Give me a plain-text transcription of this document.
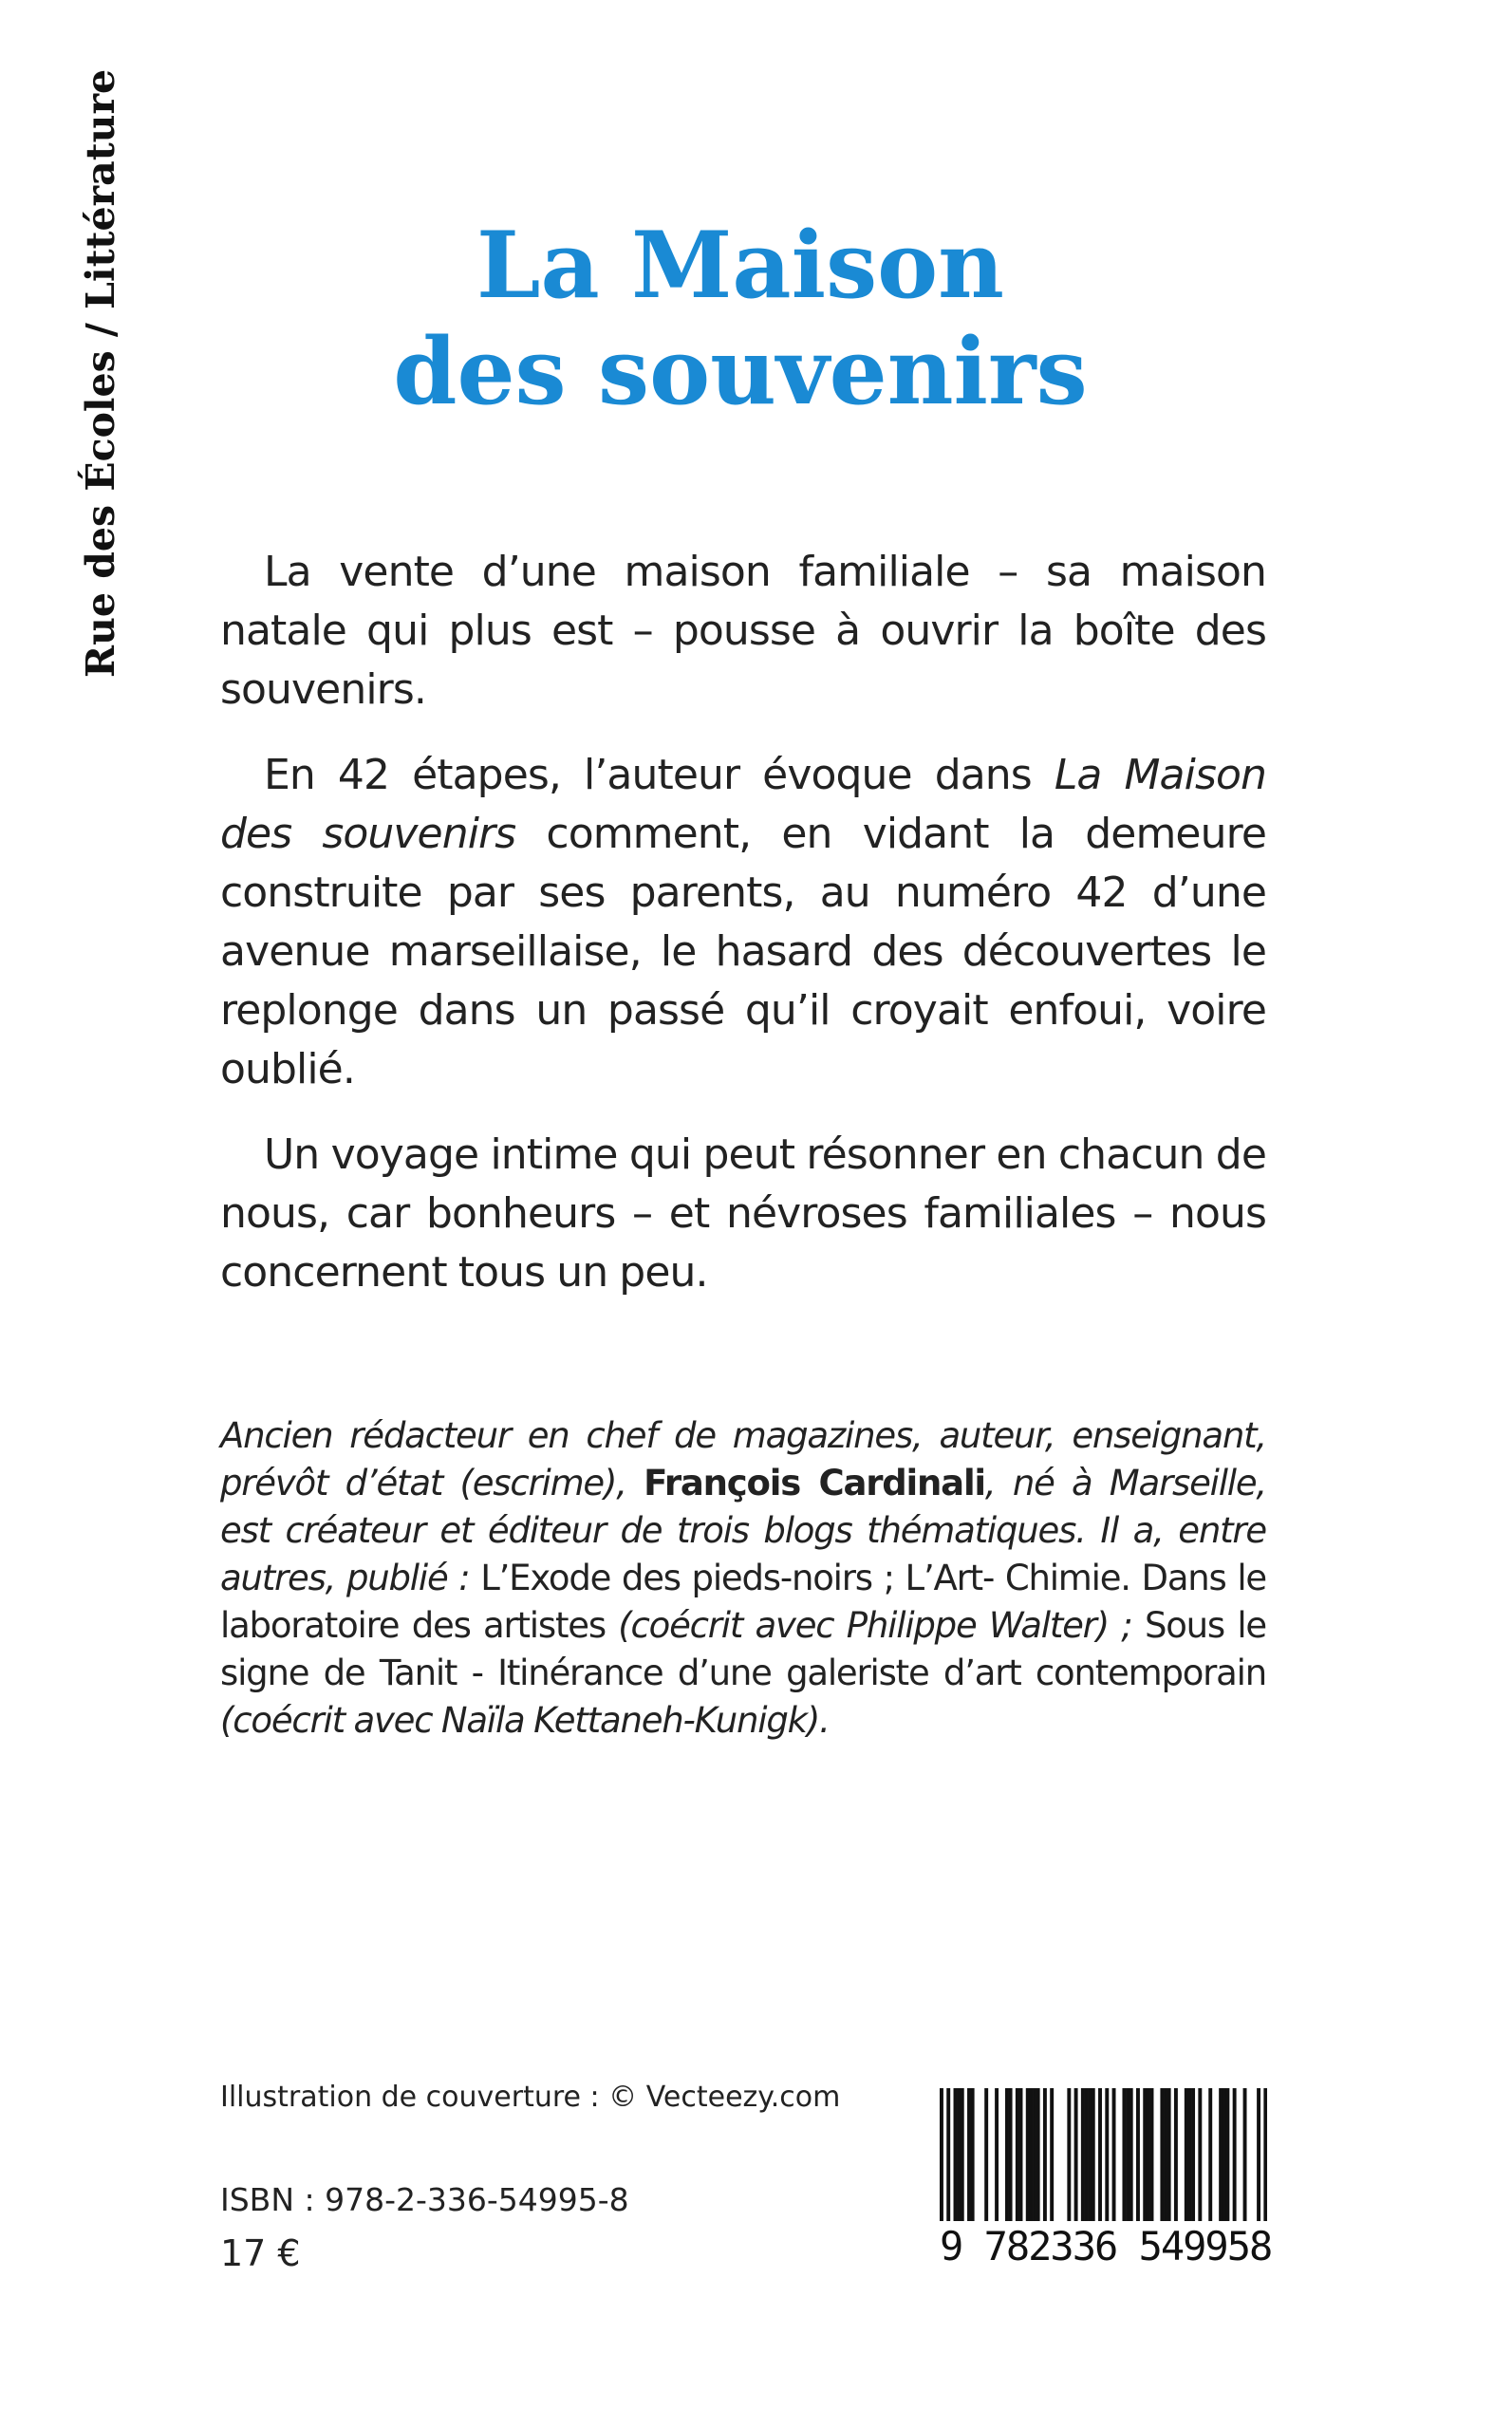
Rue des Écoles / Littérature	La Maison
des souvenirs

La vente d’une maison familiale – sa maison natale qui plus est – pousse à ouvrir la boîte des souvenirs.

En 42 étapes, l’auteur évoque dans La Maison des souvenirs comment, en vidant la demeure construite par ses parents, au numéro 42 d’une avenue marseillaise, le hasard des découvertes le replonge dans un passé qu’il croyait enfoui, voire oublié.

Un voyage intime qui peut résonner en chacun de nous, car bonheurs – et névroses familiales – nous concernent tous un peu.

Ancien rédacteur en chef de magazines, auteur, enseignant, prévôt d’état (escrime), François Cardinali, né à Marseille, est créateur et éditeur de trois blogs thématiques. Il a, entre autres, publié : L’Exode des pieds-noirs ; L’Art- Chimie. Dans le laboratoire des artistes (coécrit avec Philippe Walter) ; Sous le signe de Tanit - Itinérance d’une galeriste d’art contemporain (coécrit avec Naïla Kettaneh-Kunigk).

Illustration de couverture : © Vecteezy.com
ISBN : 978-2-336-54995-8
17 €	9 782336 549958
